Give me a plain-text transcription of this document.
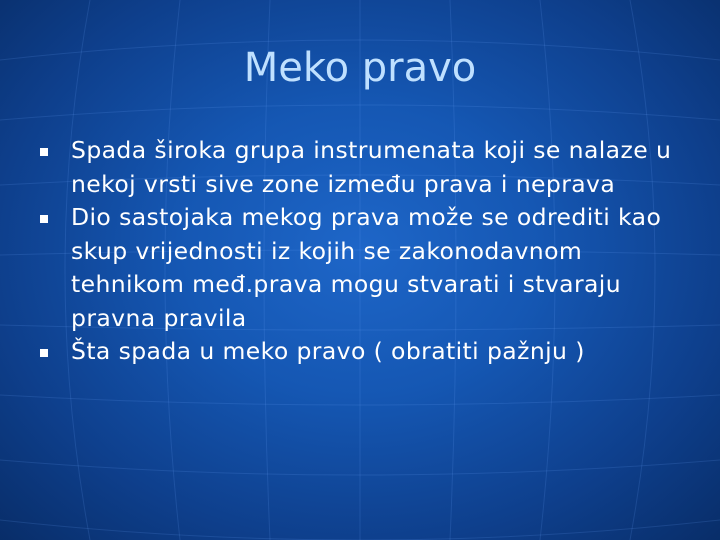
Meko pravo
Spada široka grupa instrumenata koji se nalaze u nekoj vrsti sive zone između prava i neprava
Dio sastojaka mekog prava može se odrediti kao skup vrijednosti iz kojih se zakonodavnom tehnikom međ.prava mogu stvarati i stvaraju pravna pravila
Šta spada u meko pravo ( obratiti pažnju )
